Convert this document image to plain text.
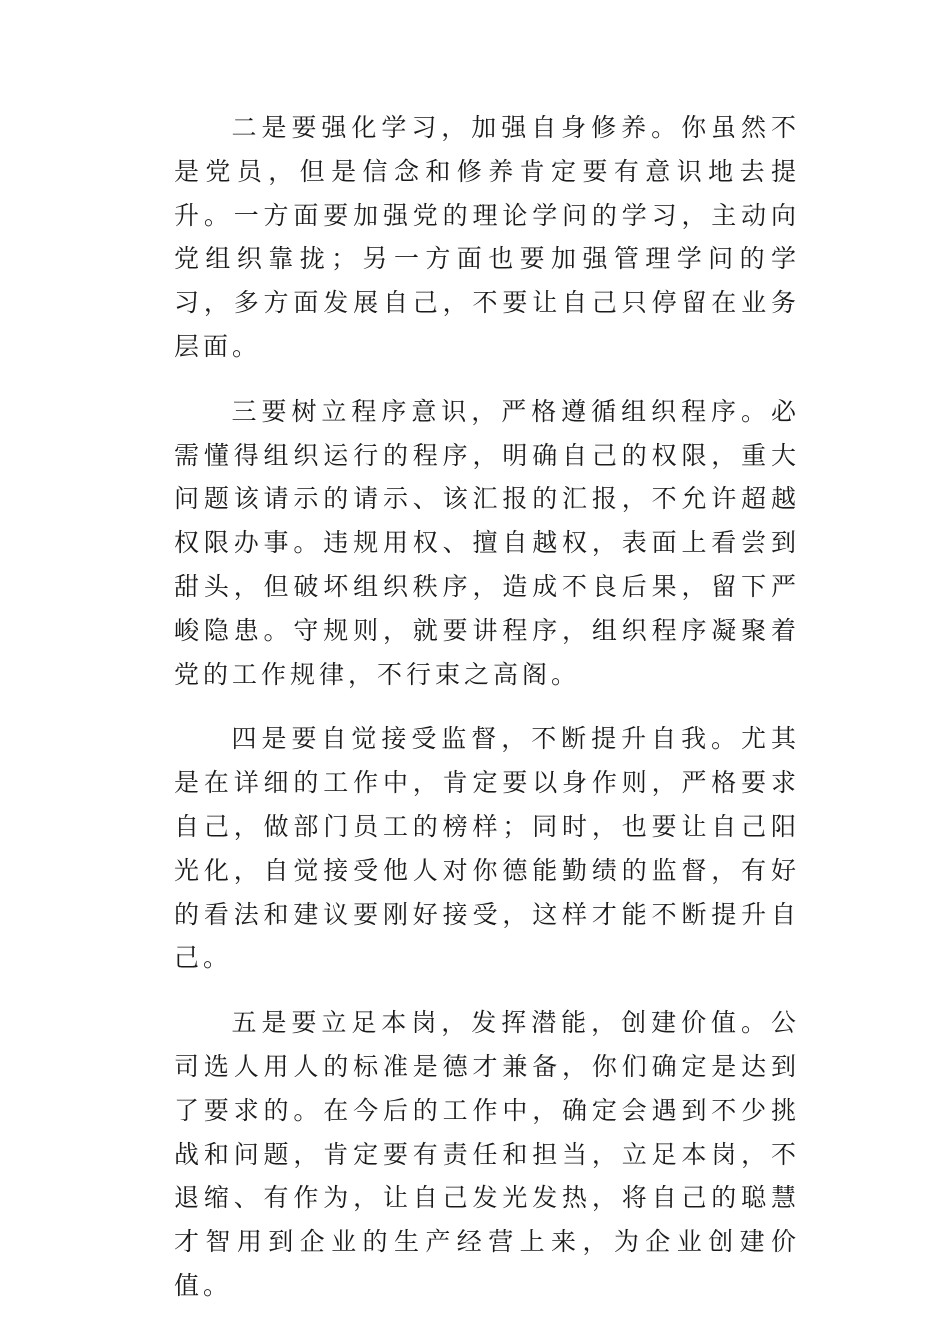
二是要强化学习，加强自身修养。你虽然不是党员，但是信念和修养肯定要有意识地去提升。一方面要加强党的理论学问的学习，主动向党组织靠拢；另一方面也要加强管理学问的学习，多方面发展自己，不要让自己只停留在业务层面。

三要树立程序意识，严格遵循组织程序。必需懂得组织运行的程序，明确自己的权限，重大问题该请示的请示、该汇报的汇报，不允许超越权限办事。违规用权、擅自越权，表面上看尝到甜头，但破坏组织秩序，造成不良后果，留下严峻隐患。守规则，就要讲程序，组织程序凝聚着党的工作规律，不行束之高阁。

四是要自觉接受监督，不断提升自我。尤其是在详细的工作中，肯定要以身作则，严格要求自己，做部门员工的榜样；同时，也要让自己阳光化，自觉接受他人对你德能勤绩的监督，有好的看法和建议要刚好接受，这样才能不断提升自己。

五是要立足本岗，发挥潜能，创建价值。公司选人用人的标准是德才兼备，你们确定是达到了要求的。在今后的工作中，确定会遇到不少挑战和问题，肯定要有责任和担当，立足本岗，不退缩、有作为，让自己发光发热，将自己的聪慧才智用到企业的生产经营上来，为企业创建价值。
